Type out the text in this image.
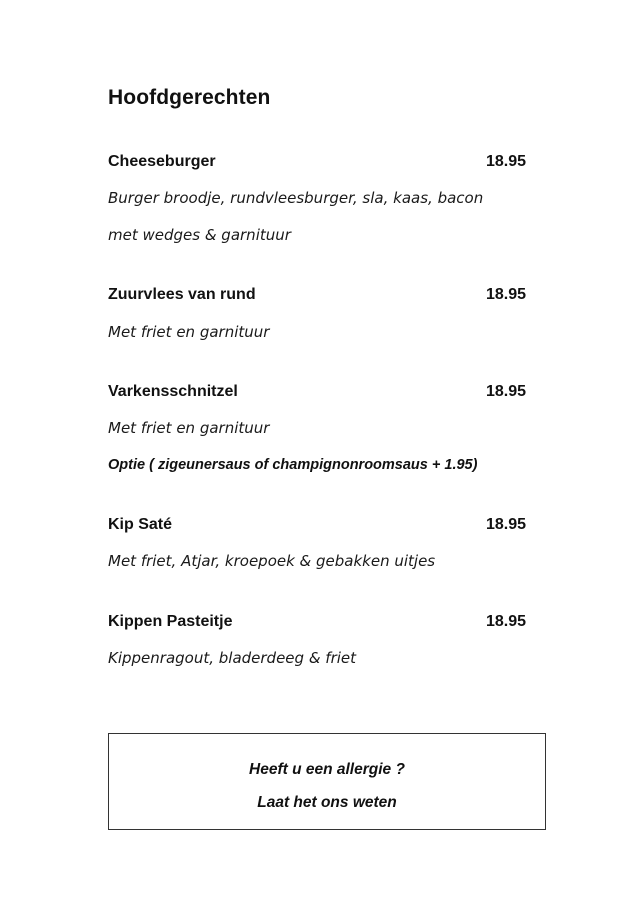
Hoofdgerechten
Cheeseburger	18.95
Burger broodje, rundvleesburger, sla, kaas, bacon
met wedges & garnituur
Zuurvlees van rund	18.95
Met friet en garnituur
Varkensschnitzel	18.95
Met friet en garnituur
Optie ( zigeunersaus of champignonroomsaus + 1.95)
Kip Saté	18.95
Met friet, Atjar, kroepoek & gebakken uitjes
Kippen Pasteitje	18.95
Kippenragout, bladerdeeg & friet
Heeft u een allergie ?
Laat het ons weten
